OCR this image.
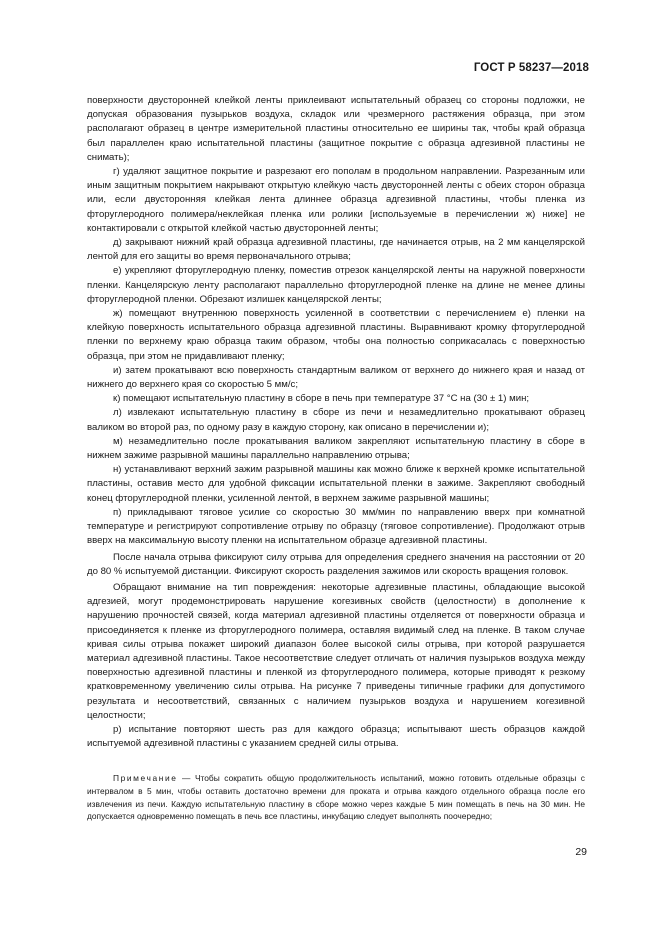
ГОСТ Р 58237—2018

поверхности двусторонней клейкой ленты приклеивают испытательный образец со стороны подложки, не допуская образования пузырьков воздуха, складок или чрезмерного растяжения образца, при этом располагают образец в центре измерительной пластины относительно ее ширины так, чтобы край образца был параллелен краю испытательной пластины (защитное покрытие с образца адгезивной пластины не снимать);

г) удаляют защитное покрытие и разрезают его пополам в продольном направлении. Разрезанным или иным защитным покрытием накрывают открытую клейкую часть двусторонней ленты с обеих сторон образца или, если двусторонняя клейкая лента длиннее образца адгезивной пластины, чтобы пленка из фторуглеродного полимера/неклейкая пленка или ролики [используемые в перечислении ж) ниже] не контактировали с открытой клейкой частью двусторонней ленты;

д) закрывают нижний край образца адгезивной пластины, где начинается отрыв, на 2 мм канцелярской лентой для его защиты во время первоначального отрыва;

е) укрепляют фторуглеродную пленку, поместив отрезок канцелярской ленты на наружной поверхности пленки. Канцелярскую ленту располагают параллельно фторуглеродной пленке на длине не менее длины фторуглеродной пленки. Обрезают излишек канцелярской ленты;

ж) помещают внутреннюю поверхность усиленной в соответствии с перечислением е) пленки на клейкую поверхность испытательного образца адгезивной пластины. Выравнивают кромку фторуглеродной пленки по верхнему краю образца таким образом, чтобы она полностью соприкасалась с поверхностью образца, при этом не придавливают пленку;

и) затем прокатывают всю поверхность стандартным валиком от верхнего до нижнего края и назад от нижнего до верхнего края со скоростью 5 мм/с;

к) помещают испытательную пластину в сборе в печь при температуре 37 °С на (30 ± 1) мин;

л) извлекают испытательную пластину в сборе из печи и незамедлительно прокатывают образец валиком во второй раз, по одному разу в каждую сторону, как описано в перечислении и);

м) незамедлительно после прокатывания валиком закрепляют испытательную пластину в сборе в нижнем зажиме разрывной машины параллельно направлению отрыва;

н) устанавливают верхний зажим разрывной машины как можно ближе к верхней кромке испытательной пластины, оставив место для удобной фиксации испытательной пленки в зажиме. Закрепляют свободный конец фторуглеродной пленки, усиленной лентой, в верхнем зажиме разрывной машины;

п) прикладывают тяговое усилие со скоростью 30 мм/мин по направлению вверх при комнатной температуре и регистрируют сопротивление отрыву по образцу (тяговое сопротивление). Продолжают отрыв вверх на максимальную высоту пленки на испытательном образце адгезивной пластины.

После начала отрыва фиксируют силу отрыва для определения среднего значения на расстоянии от 20 до 80 % испытуемой дистанции. Фиксируют скорость разделения зажимов или скорость вращения головок.

Обращают внимание на тип повреждения: некоторые адгезивные пластины, обладающие высокой адгезией, могут продемонстрировать нарушение когезивных свойств (целостности) в дополнение к нарушению прочностей связей, когда материал адгезивной пластины отделяется от поверхности образца и присоединяется к пленке из фторуглеродного полимера, оставляя видимый след на пленке. В таком случае кривая силы отрыва покажет широкий диапазон более высокой силы отрыва, при которой разрушается материал адгезивной пластины. Такое несоответствие следует отличать от наличия пузырьков воздуха между поверхностью адгезивной пластины и пленкой из фторуглеродного полимера, которые приводят к резкому кратковременному увеличению силы отрыва. На рисунке 7 приведены типичные графики для допустимого результата и несоответствий, связанных с наличием пузырьков воздуха и нарушением когезивной целостности;

р) испытание повторяют шесть раз для каждого образца; испытывают шесть образцов каждой испытуемой адгезивной пластины с указанием средней силы отрыва.

Примечание — Чтобы сократить общую продолжительность испытаний, можно готовить отдельные образцы с интервалом в 5 мин, чтобы оставить достаточно времени для проката и отрыва каждого отдельного образца после его извлечения из печи. Каждую испытательную пластину в сборе можно через каждые 5 мин помещать в печь на 30 мин. Не допускается одновременно помещать в печь все пластины, инкубацию следует выполнять поочередно;

29
